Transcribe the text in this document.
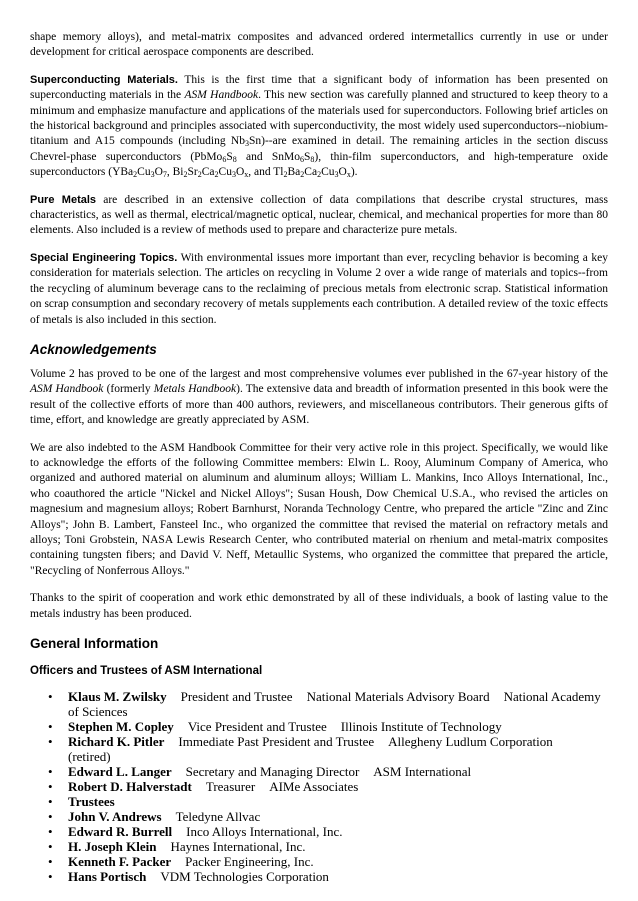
shape memory alloys), and metal-matrix composites and advanced ordered intermetallics currently in use or under development for critical aerospace components are described.

Superconducting Materials. This is the first time that a significant body of information has been presented on superconducting materials in the ASM Handbook. This new section was carefully planned and structured to keep theory to a minimum and emphasize manufacture and applications of the materials used for superconductors. Following brief articles on the historical background and principles associated with superconductivity, the most widely used superconductors--niobium-titanium and A15 compounds (including $Nb_3Sn)-$-are examined in detail. The remaining articles in the section discuss Chevrel-phase superconductors ($PbMo_6S_8$ and $SnMo_6S_8$), thin-film superconductors, and high-temperature oxide superconductors ($YBa_2Cu_3O_7$, $Bi_2Sr_2Ca_2Cu_3O_x$, and $Tl_2Ba_2Ca_2Cu_3O_x$).

Pure Metals are described in an extensive collection of data compilations that describe crystal structures, mass characteristics, as well as thermal, electrical/magnetic optical, nuclear, chemical, and mechanical properties for more than 80 elements. Also included is a review of methods used to prepare and characterize pure metals.

Special Engineering Topics. With environmental issues more important than ever, recycling behavior is becoming a key consideration for materials selection. The articles on recycling in Volume 2 over a wide range of materials and topics--from the recycling of aluminum beverage cans to the reclaiming of precious metals from electronic scrap. Statistical information on scrap consumption and secondary recovery of metals supplements each contribution. A detailed review of the toxic effects of metals is also included in this section.

Acknowledgements

Volume 2 has proved to be one of the largest and most comprehensive volumes ever published in the 67-year history of the ASM Handbook (formerly Metals Handbook). The extensive data and breadth of information presented in this book were the result of the collective efforts of more than 400 authors, reviewers, and miscellaneous contributors. Their generous gifts of time, effort, and knowledge are greatly appreciated by ASM.

We are also indebted to the ASM Handbook Committee for their very active role in this project. Specifically, we would like to acknowledge the efforts of the following Committee members: Elwin L. Rooy, Aluminum Company of America, who organized and authored material on aluminum and aluminum alloys; William L. Mankins, Inco Alloys International, Inc., who coauthored the article "Nickel and Nickel Alloys"; Susan Housh, Dow Chemical U.S.A., who revised the articles on magnesium and magnesium alloys; Robert Barnhurst, Noranda Technology Centre, who prepared the article "Zinc and Zinc Alloys"; John B. Lambert, Fansteel Inc., who organized the committee that revised the material on refractory metals and alloys; Toni Grobstein, NASA Lewis Research Center, who contributed material on rhenium and metal-matrix composites containing tungsten fibers; and David V. Neff, Metaullic Systems, who organized the committee that prepared the article, "Recycling of Nonferrous Alloys."

Thanks to the spirit of cooperation and work ethic demonstrated by all of these individuals, a book of lasting value to the metals industry has been produced.

General Information
Officers and Trustees of ASM International
• Klaus M. Zwilsky President and Trustee National Materials Advisory Board National Academy of Sciences
• Stephen M. Copley Vice President and Trustee Illinois Institute of Technology
• Richard K. Pitler Immediate Past President and Trustee Allegheny Ludlum Corporation(retired)
• Edward L. Langer Secretary and Managing Director ASM International
• Robert D. Halverstadt Treasurer AIMe Associates
• Trustees
• John V. Andrews Teledyne Allvac
• Edward R. Burrell Inco Alloys International, Inc.
• H. Joseph Klein Haynes International, Inc.
• Kenneth F. Packer Packer Engineering, Inc.
• Hans Portisch VDM Technologies Corporation
